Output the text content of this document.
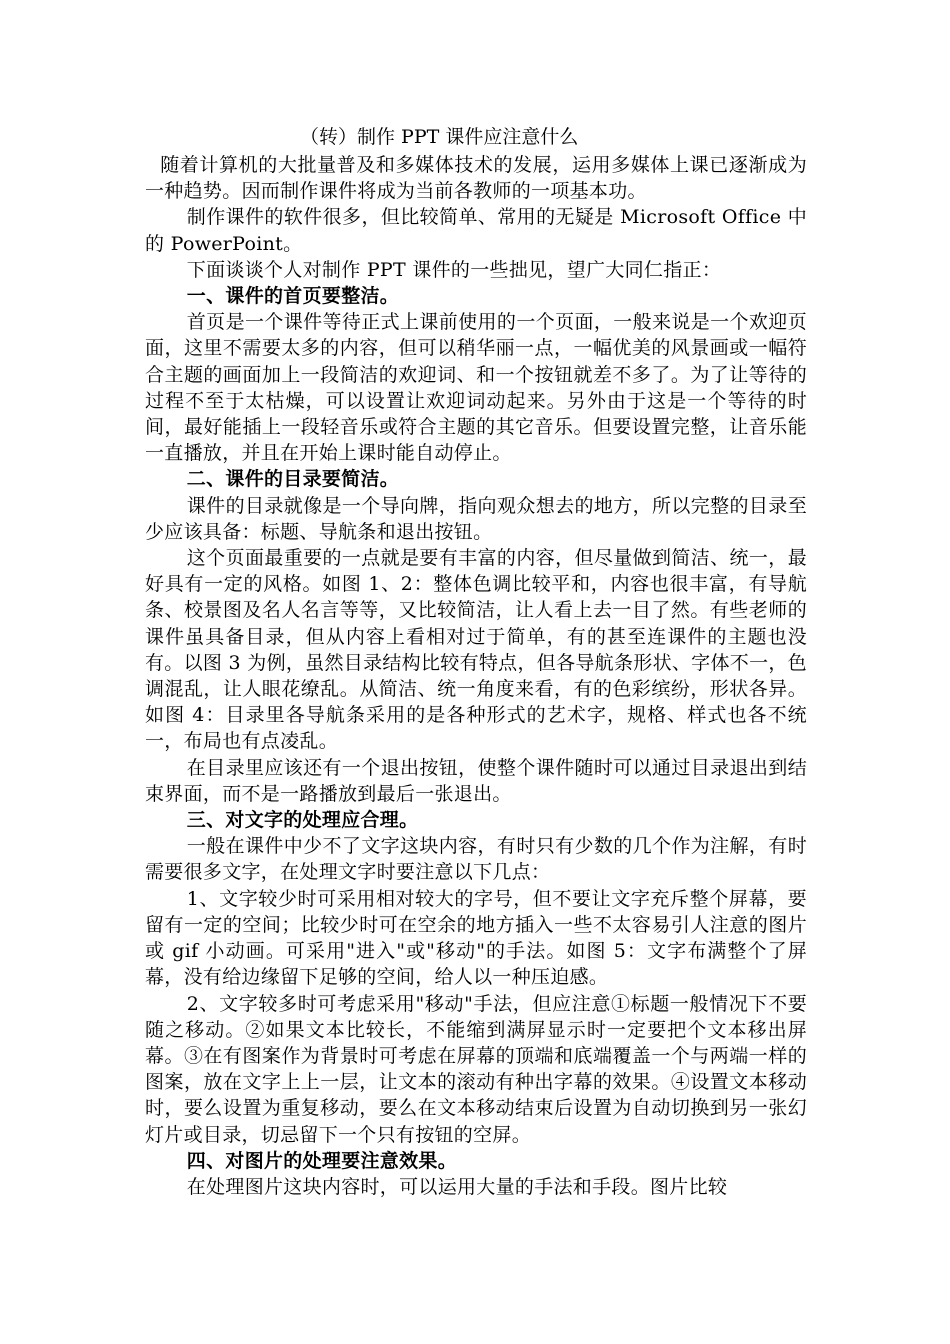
（转）制作 PPT 课件应注意什么

随着计算机的大批量普及和多媒体技术的发展，运用多媒体上课已逐渐成为一种趋势。因而制作课件将成为当前各教师的一项基本功。

制作课件的软件很多，但比较简单、常用的无疑是 Microsoft Office 中 的 PowerPoint。

下面谈谈个人对制作 PPT 课件的一些拙见，望广大同仁指正：

一、课件的首页要整洁。

首页是一个课件等待正式上课前使用的一个页面，一般来说是一个欢迎页面，这里不需要太多的内容，但可以稍华丽一点，一幅优美的风景画或一幅符合主题的画面加上一段简洁的欢迎词、和一个按钮就差不多了。为了让等待的过程不至于太枯燥，可以设置让欢迎词动起来。另外由于这是一个等待的时间，最好能插上一段轻音乐或符合主题的其它音乐。但要设置完整，让音乐能一直播放，并且在开始上课时能自动停止。

二、课件的目录要简洁。

课件的目录就像是一个导向牌，指向观众想去的地方，所以完整的目录至少应该具备：标题、导航条和退出按钮。

这个页面最重要的一点就是要有丰富的内容，但尽量做到简洁、统一，最好具有一定的风格。如图 1、2：整体色调比较平和，内容也很丰富，有导航条、校景图及名人名言等等，又比较简洁，让人看上去一目了然。有些老师的课件虽具备目录，但从内容上看相对过于简单，有的甚至连课件的主题也没有。以图 3 为例，虽然目录结构比较有特点，但各导航条形状、字体不一，色调混乱，让人眼花缭乱。从简洁、统一角度来看，有的色彩缤纷，形状各异。如图 4：目录里各导航条采用的是各种形式的艺术字，规格、样式也各不统一，布局也有点凌乱。

在目录里应该还有一个退出按钮，使整个课件随时可以通过目录退出到结束界面，而不是一路播放到最后一张退出。

三、对文字的处理应合理。

一般在课件中少不了文字这块内容，有时只有少数的几个作为注解，有时需要很多文字，在处理文字时要注意以下几点：

1、文字较少时可采用相对较大的字号，但不要让文字充斥整个屏幕，要留有一定的空间；比较少时可在空余的地方插入一些不太容易引人注意的图片或 gif 小动画。可采用"进入"或"移动"的手法。如图 5：文字布满整个了屏幕，没有给边缘留下足够的空间，给人以一种压迫感。

2、文字较多时可考虑采用"移动"手法，但应注意①标题一般情况下不要随之移动。②如果文本比较长，不能缩到满屏显示时一定要把个文本移出屏幕。③在有图案作为背景时可考虑在屏幕的顶端和底端覆盖一个与两端一样的图案，放在文字上上一层，让文本的滚动有种出字幕的效果。④设置文本移动时，要么设置为重复移动，要么在文本移动结束后设置为自动切换到另一张幻灯片或目录，切忌留下一个只有按钮的空屏。

四、对图片的处理要注意效果。

在处理图片这块内容时，可以运用大量的手法和手段。图片比较
